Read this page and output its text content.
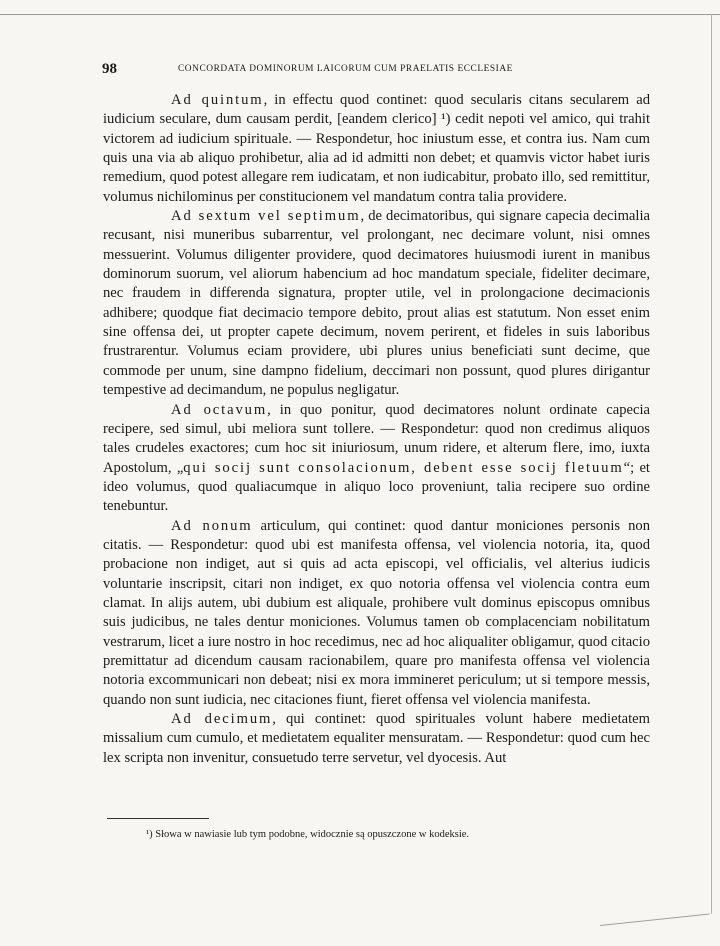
98	CONCORDATA DOMINORUM LAICORUM CUM PRAELATIS ECCLESIAE

Ad quintum, in effectu quod continet: quod secularis citans secularem ad iudicium seculare, dum causam perdit, [eandem clerico] ¹) cedit nepoti vel amico, qui trahit victorem ad iudicium spirituale. — Respondetur, hoc iniustum esse, et contra ius. Nam cum quis una via ab aliquo prohibetur, alia ad id admitti non debet; et quamvis victor habet iuris remedium, quod potest allegare rem iudicatam, et non iudicabitur, probato illo, sed remittitur, volumus nichilominus per constitucionem vel mandatum contra talia providere.

Ad sextum vel septimum, de decimatoribus, qui signare capecia decimalia recusant, nisi muneribus subarrentur, vel prolongant, nec decimare volunt, nisi omnes messuerint. Volumus diligenter providere, quod decimatores huiusmodi iurent in manibus dominorum suorum, vel aliorum habencium ad hoc mandatum speciale, fideliter decimare, nec fraudem in differenda signatura, propter utile, vel in prolongacione decimacionis adhibere; quodque fiat decimacio tempore debito, prout alias est statutum. Non esset enim sine offensa dei, ut propter capete decimum, novem perirent, et fideles in suis laboribus frustrarentur. Volumus eciam providere, ubi plures unius beneficiati sunt decime, que commode per unum, sine dampno fidelium, deccimari non possunt, quod plures dirigantur tempestive ad decimandum, ne populus negligatur.

Ad octavum, in quo ponitur, quod decimatores nolunt ordinate capecia recipere, sed simul, ubi meliora sunt tollere. — Respondetur: quod non credimus aliquos tales crudeles exactores; cum hoc sit iniuriosum, unum ridere, et alterum flere, imo, iuxta Apostolum, „qui socij sunt consolacionum, debent esse socij fletuum“; et ideo volumus, quod qualiacumque in aliquo loco proveniunt, talia recipere suo ordine tenebuntur.

Ad nonum articulum, qui continet: quod dantur moniciones personis non citatis. — Respondetur: quod ubi est manifesta offensa, vel violencia notoria, ita, quod probacione non indiget, aut si quis ad acta episcopi, vel officialis, vel alterius iudicis voluntarie inscripsit, citari non indiget, ex quo notoria offensa vel violencia contra eum clamat. In alijs autem, ubi dubium est aliquale, prohibere vult dominus episcopus omnibus suis judicibus, ne tales dentur moniciones. Volumus tamen ob complacenciam nobilitatum vestrarum, licet a iure nostro in hoc recedimus, nec ad hoc aliqualiter obligamur, quod citacio premittatur ad dicendum causam racionabilem, quare pro manifesta offensa vel violencia notoria excommunicari non debeat; nisi ex mora immineret periculum; ut si tempore messis, quando non sunt iudicia, nec citaciones fiunt, fieret offensa vel violencia manifesta.

Ad decimum, qui continet: quod spirituales volunt habere medietatem missalium cum cumulo, et medietatem equaliter mensuratam. — Respondetur: quod cum hec lex scripta non invenitur, consuetudo terre servetur, vel dyocesis. Aut

¹) Słowa w nawiasie lub tym podobne, widocznie są opuszczone w kodeksie.
